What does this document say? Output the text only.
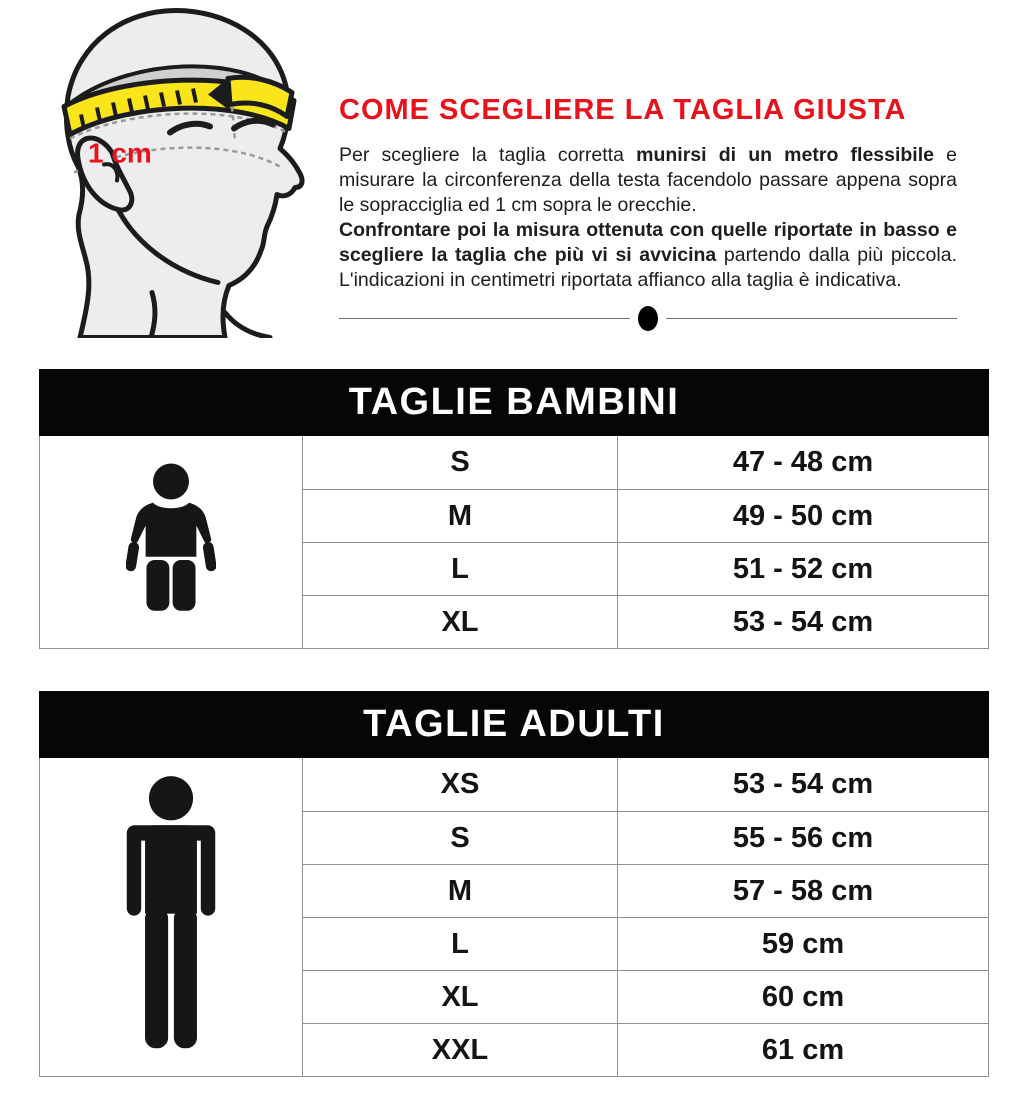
1 cm
COME SCEGLIERE LA TAGLIA GIUSTA

Per scegliere la taglia corretta munirsi di un metro flessibile e misurare la circonferenza della testa facendolo passare appena sopra le sopracciglia ed 1 cm sopra le orecchie.

Confrontare poi la misura ottenuta con quelle riportate in basso e scegliere la taglia che più vi si avvicina partendo dalla più piccola. L'indicazioni in centimetri riportata affianco alla taglia è indicativa.

TAGLIE BAMBINI
S	47 - 48 cm
M	49 - 50 cm
L	51 - 52 cm
XL	53 - 54 cm
TAGLIE ADULTI
XS	53 - 54 cm
S	55 - 56 cm
M	57 - 58 cm
L	59 cm
XL	60 cm
XXL	61 cm
